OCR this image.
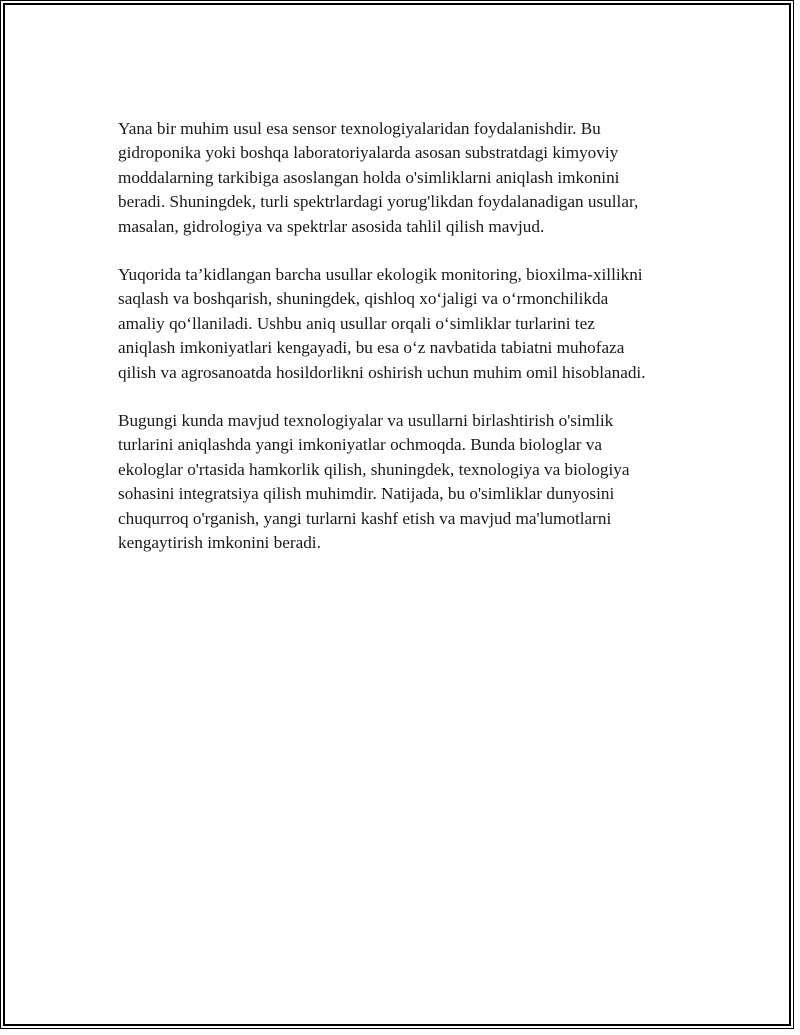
Yana bir muhim usul esa sensor texnologiyalaridan foydalanishdir. Bu
gidroponika yoki boshqa laboratoriyalarda asosan substratdagi kimyoviy
moddalarning tarkibiga asoslangan holda o'simliklarni aniqlash imkonini
beradi. Shuningdek, turli spektrlardagi yorug'likdan foydalanadigan usullar,
masalan, gidrologiya va spektrlar asosida tahlil qilish mavjud.

Yuqorida ta’kidlangan barcha usullar ekologik monitoring, bioxilma-xillikni
saqlash va boshqarish, shuningdek, qishloq xo‘jaligi va o‘rmonchilikda
amaliy qo‘llaniladi. Ushbu aniq usullar orqali o‘simliklar turlarini tez
aniqlash imkoniyatlari kengayadi, bu esa o‘z navbatida tabiatni muhofaza
qilish va agrosanoatda hosildorlikni oshirish uchun muhim omil hisoblanadi.

Bugungi kunda mavjud texnologiyalar va usullarni birlashtirish o'simlik
turlarini aniqlashda yangi imkoniyatlar ochmoqda. Bunda biologlar va
ekologlar o'rtasida hamkorlik qilish, shuningdek, texnologiya va biologiya
sohasini integratsiya qilish muhimdir. Natijada, bu o'simliklar dunyosini
chuqurroq o'rganish, yangi turlarni kashf etish va mavjud ma'lumotlarni
kengaytirish imkonini beradi.
